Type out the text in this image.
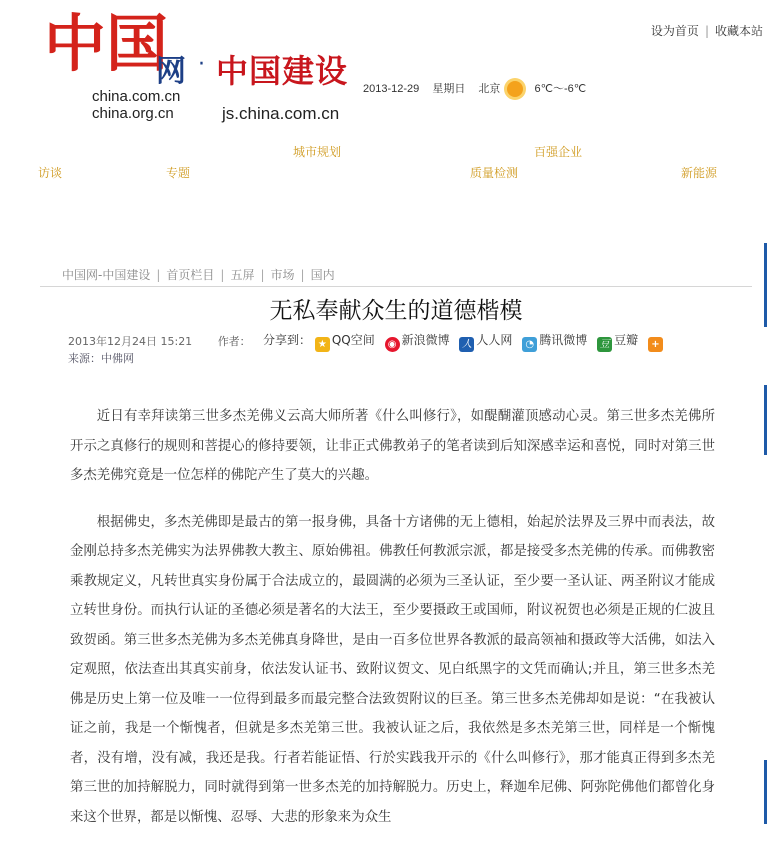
中国
网 · 中国建设
china.com.cn
china.org.cn	js.china.com.cn
2013-12-29 星期日 北京	6℃～-6℃
设为首页 | 收藏本站
城市规划	百强企业
访谈	专题	质量检测	新能源
中国网-中国建设 | 首页栏目 | 五屏 | 市场 | 国内
无私奉献众生的道德楷模
2013年12月24日 15:21 作者： 分享到： ★ QQ空间 ◉ 新浪微博 人 人人网 ◔ 腾讯微博 豆 豆瓣 +
来源：中佛网

近日有幸拜读第三世多杰羌佛义云高大师所著《什么叫修行》，如醍醐灌顶感动心灵。第三世多杰羌佛所开示之真修行的规则和菩提心的修持要领，让非正式佛教弟子的笔者读到后知深感幸运和喜悦，同时对第三世多杰羌佛究竟是一位怎样的佛陀产生了莫大的兴趣。

根据佛史，多杰羌佛即是最古的第一报身佛，具备十方诸佛的无上德相，始起於法界及三界中而表法，故金刚总持多杰羌佛实为法界佛教大教主、原始佛祖。佛教任何教派宗派，都是接受多杰羌佛的传承。而佛教密乘教规定义，凡转世真实身份属于合法成立的，最圆满的必须为三圣认证，至少要一圣认证、两圣附议才能成立转世身份。而执行认证的圣德必须是著名的大法王，至少要摄政王或国师，附议祝贺也必须是正规的仁波且致贺函。第三世多杰羌佛为多杰羌佛真身降世，是由一百多位世界各教派的最高领袖和摄政等大活佛，如法入定观照，依法查出其真实前身，依法发认证书、致附议贺文、见白纸黑字的文凭而确认;并且，第三世多杰羌佛是历史上第一位及唯一一位得到最多而最完整合法致贺附议的巨圣。第三世多杰羌佛却如是说：“在我被认证之前，我是一个惭愧者，但就是多杰羌第三世。我被认证之后，我依然是多杰羌第三世，同样是一个惭愧者，没有增，没有减，我还是我。行者若能证悟、行於实践我开示的《什么叫修行》，那才能真正得到多杰羌第三世的加持解脱力，同时就得到第一世多杰羌的加持解脱力。历史上，释迦牟尼佛、阿弥陀佛他们都曾化身来这个世界，都是以惭愧、忍辱、大悲的形象来为众生
